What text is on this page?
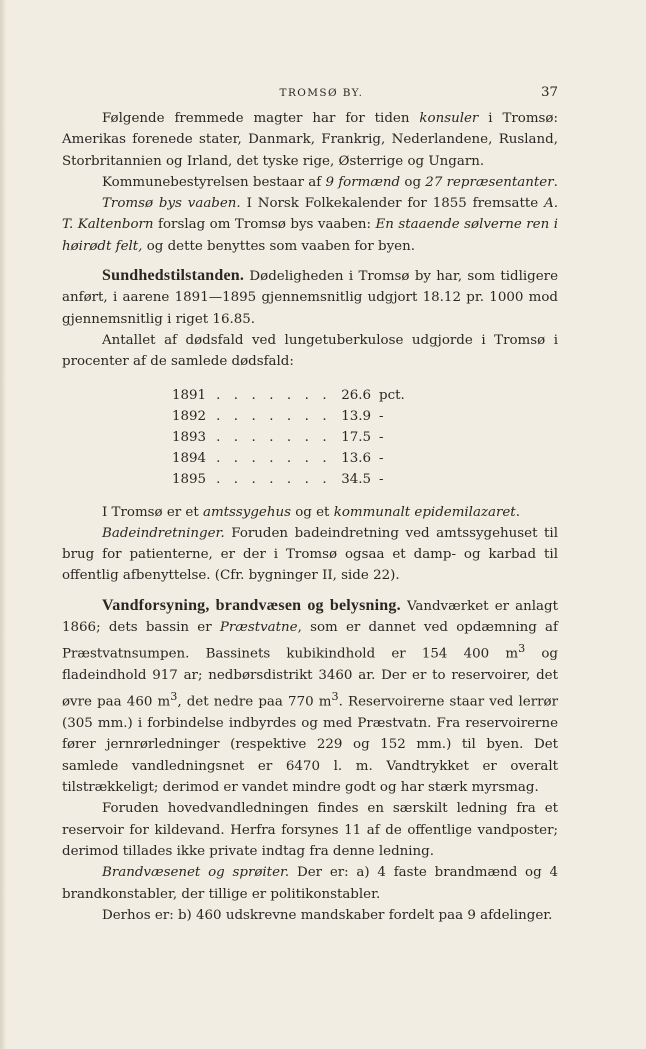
TROMSØ BY.	37

Følgende fremmede magter har for tiden konsuler i Tromsø: Amerikas forenede stater, Danmark, Frankrig, Nederlandene, Rusland, Storbritannien og Irland, det tyske rige, Østerrige og Ungarn.

Kommunebestyrelsen bestaar af 9 formænd og 27 repræsentanter.

Tromsø bys vaaben. I Norsk Folkekalender for 1855 fremsatte A. T. Kaltenborn forslag om Tromsø bys vaaben: En staaende sølverne ren i høirødt felt, og dette benyttes som vaaben for byen.

Sundhedstilstanden. Dødeligheden i Tromsø by har, som tidligere anført, i aarene 1891—1895 gjennemsnitlig udgjort 18.12 pr. 1000 mod gjennemsnitlig i riget 16.85.

Antallet af dødsfald ved lungetuberkulose udgjorde i Tromsø i procenter af de samlede dødsfald:

1891	. . . . . . .	26.6	pct.
1892	. . . . . . .	13.9	-
1893	. . . . . . .	17.5	-
1894	. . . . . . .	13.6	-
1895	. . . . . . .	34.5	-

I Tromsø er et amtssygehus og et kommunalt epidemilazaret.

Badeindretninger. Foruden badeindretning ved amtssygehuset til brug for patienterne, er der i Tromsø ogsaa et damp- og karbad til offentlig afbenyttelse. (Cfr. bygninger II, side 22).

Vandforsyning, brandvæsen og belysning. Vandværket er anlagt 1866; dets bassin er Præstvatne, som er dannet ved opdæmning af Præstvatnsumpen. Bassinets kubikindhold er 154 400 $m^3$ og fladeindhold 917 ar; nedbørsdistrikt 3460 ar. Der er to reservoirer, det øvre paa 460 $m^3$, det nedre paa 770 $m^3$. Reservoirerne staar ved lerrør (305 mm.) i forbindelse indbyrdes og med Præstvatn. Fra reservoirerne fører jernrørledninger (respektive 229 og 152 mm.) til byen. Det samlede vandledningsnet er 6470 l. m. Vandtrykket er overalt tilstrækkeligt; derimod er vandet mindre godt og har stærk myrsmag.

Foruden hovedvandledningen findes en særskilt ledning fra et reservoir for kildevand. Herfra forsynes 11 af de offentlige vandposter; derimod tillades ikke private indtag fra denne ledning.

Brandvæsenet og sprøiter. Der er: a) 4 faste brandmænd og 4 brandkonstabler, der tillige er politikonstabler.

Derhos er: b) 460 udskrevne mandskaber fordelt paa 9 afdelinger.
